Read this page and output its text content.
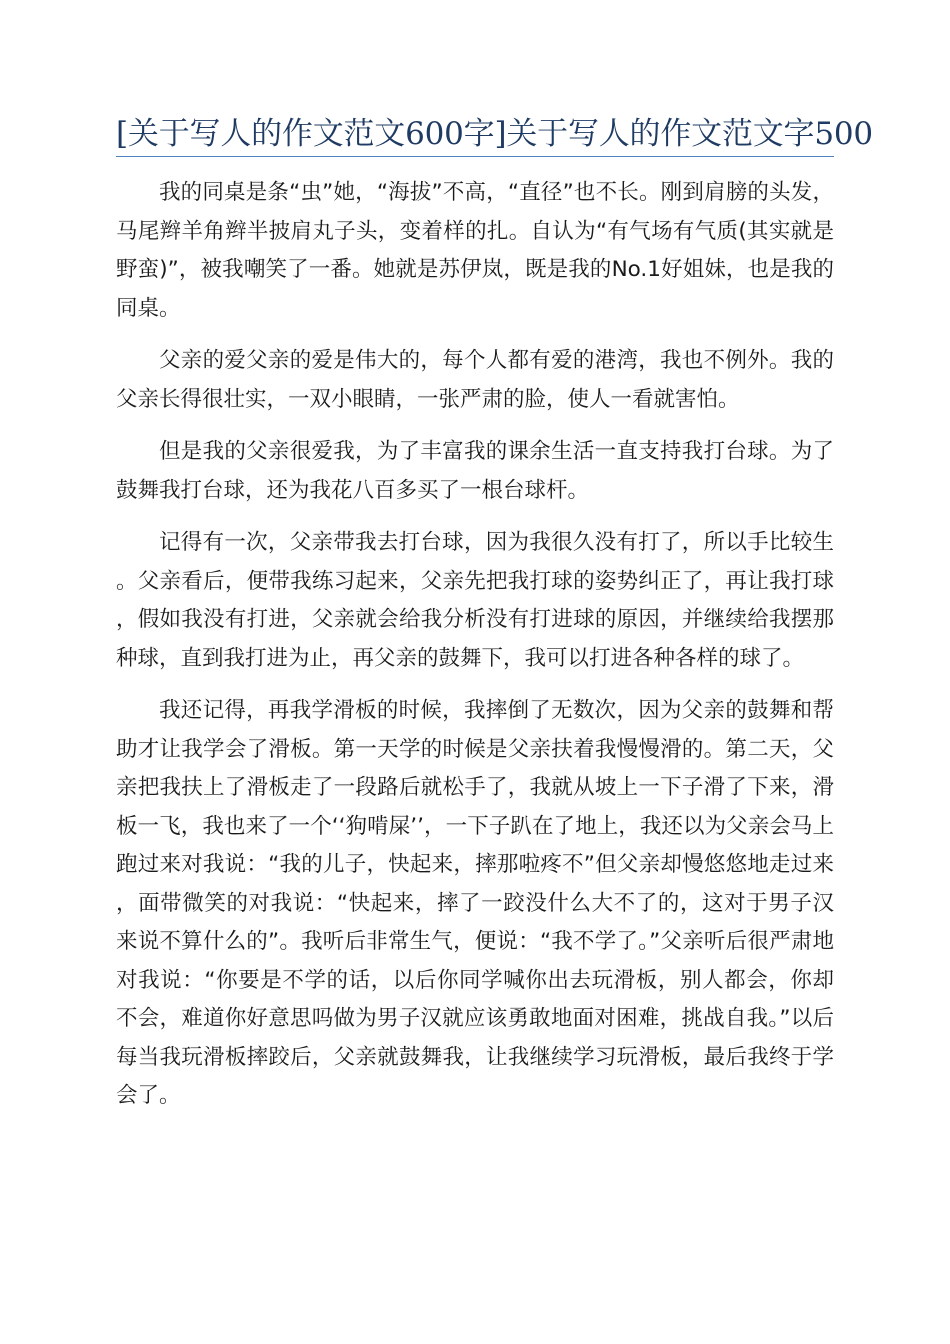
[关于写人的作文范文600字]关于写人的作文范文字500

我的同桌是条“虫”她，“海拔”不高，“直径”也不长。刚到肩膀的头发，马尾辫羊角辫半披肩丸子头，变着样的扎。自认为“有气场有气质(其实就是野蛮)”，被我嘲笑了一番。她就是苏伊岚，既是我的No.1好姐妹，也是我的同桌。

父亲的爱父亲的爱是伟大的，每个人都有爱的港湾，我也不例外。我的父亲长得很壮实，一双小眼睛，一张严肃的脸，使人一看就害怕。

但是我的父亲很爱我，为了丰富我的课余生活一直支持我打台球。为了鼓舞我打台球，还为我花八百多买了一根台球杆。

记得有一次，父亲带我去打台球，因为我很久没有打了，所以手比较生。父亲看后，便带我练习起来，父亲先把我打球的姿势纠正了，再让我打球，假如我没有打进，父亲就会给我分析没有打进球的原因，并继续给我摆那种球，直到我打进为止，再父亲的鼓舞下，我可以打进各种各样的球了。

我还记得，再我学滑板的时候，我摔倒了无数次，因为父亲的鼓舞和帮助才让我学会了滑板。第一天学的时候是父亲扶着我慢慢滑的。第二天，父亲把我扶上了滑板走了一段路后就松手了，我就从坡上一下子滑了下来，滑板一飞，我也来了一个‘‘狗啃屎’’，一下子趴在了地上，我还以为父亲会马上跑过来对我说：“我的儿子，快起来，摔那啦疼不”但父亲却慢悠悠地走过来，面带微笑的对我说：“快起来，摔了一跤没什么大不了的，这对于男子汉来说不算什么的”。我听后非常生气，便说：“我不学了。”父亲听后很严肃地对我说：“你要是不学的话，以后你同学喊你出去玩滑板，别人都会，你却不会，难道你好意思吗做为男子汉就应该勇敢地面对困难，挑战自我。”以后每当我玩滑板摔跤后，父亲就鼓舞我，让我继续学习玩滑板，最后我终于学会了。
